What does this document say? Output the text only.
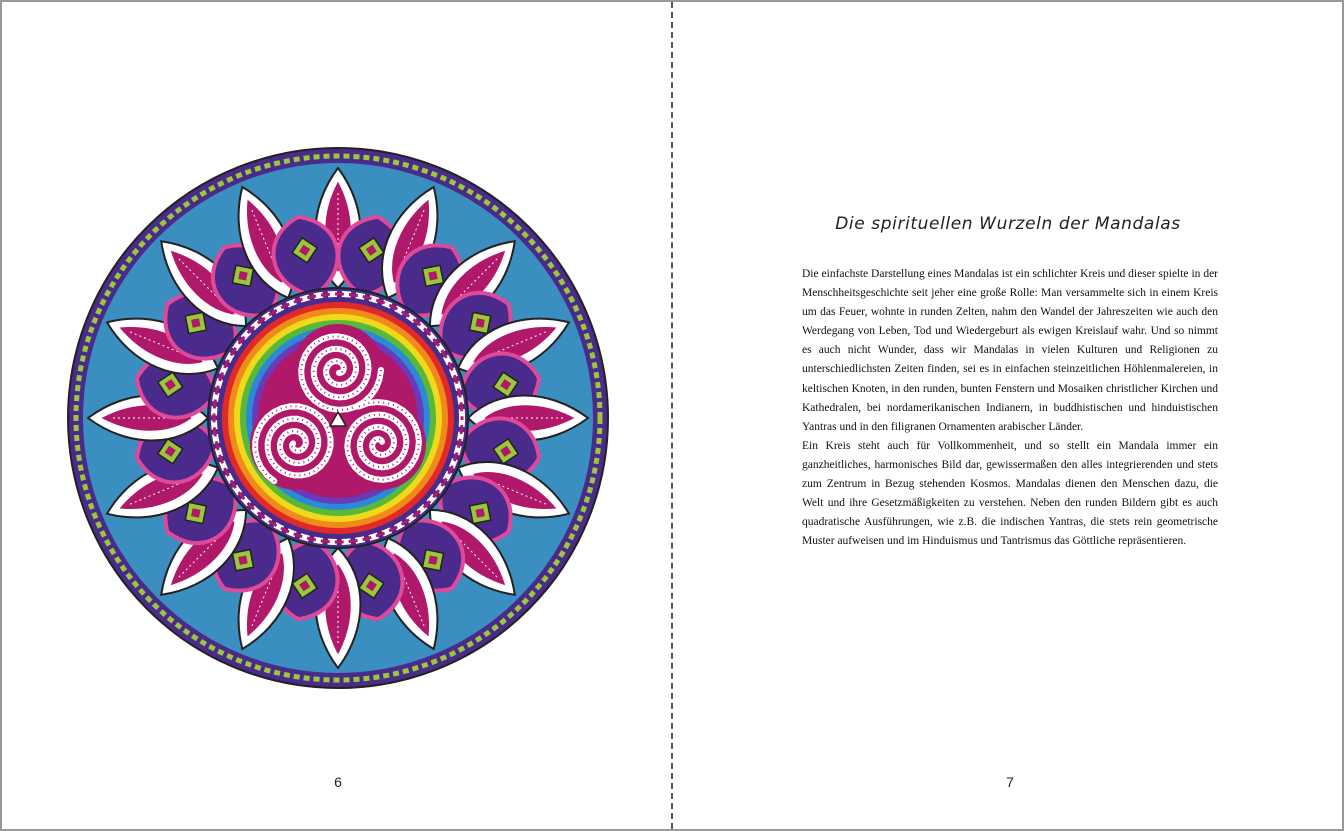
6
Die spirituellen Wurzeln der Mandalas

Die einfachste Darstellung eines Mandalas ist ein schlichter Kreis und dieser spielte in der Menschheitsgeschichte seit jeher eine große Rolle: Man versammelte sich in einem Kreis um das Feuer, wohnte in runden Zelten, nahm den Wandel der Jahreszeiten wie auch den Werdegang von Leben, Tod und Wiedergeburt als ewigen Kreislauf wahr. Und so nimmt es auch nicht Wunder, dass wir Mandalas in vielen Kulturen und Religionen zu unterschiedlichsten Zeiten finden, sei es in einfachen steinzeitlichen Höhlenmalereien, in keltischen Knoten, in den runden, bunten Fenstern und Mosaiken christlicher Kirchen und Kathedralen, bei nordamerikanischen Indianern, in buddhistischen und hinduistischen Yantras und in den filigranen Ornamenten arabischer Länder.

Ein Kreis steht auch für Vollkommenheit, und so stellt ein Mandala immer ein ganzheitliches, harmonisches Bild dar, gewissermaßen den alles integrierenden und stets zum Zentrum in Bezug stehenden Kosmos. Mandalas dienen den Menschen dazu, die Welt und ihre Gesetzmäßigkeiten zu verstehen. Neben den runden Bildern gibt es auch quadratische Ausführungen, wie z.B. die indischen Yantras, die stets rein geometrische Muster aufweisen und im Hinduismus und Tantrismus das Göttliche repräsentieren.

7
